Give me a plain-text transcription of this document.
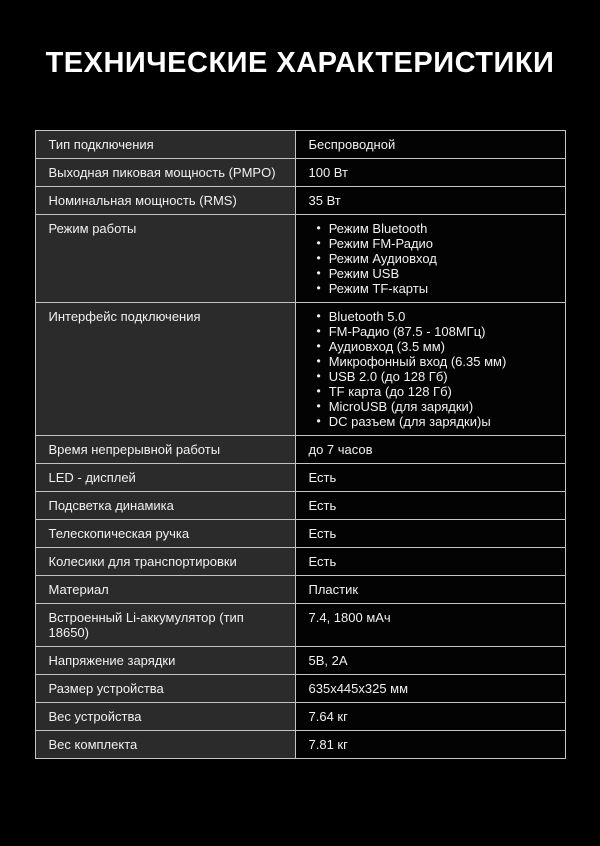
ТЕХНИЧЕСКИЕ ХАРАКТЕРИСТИКИ
Тип подключения	Беспроводной
Выходная пиковая мощность (PMPO)	100 Вт
Номинальная мощность (RMS)	35 Вт
Режим работы	• Режим Bluetooth
• Режим FM-Радио
• Режим Аудиовход
• Режим USB
• Режим TF-карты

Интерфейс подключения	• Bluetooth 5.0
• FM-Радио (87.5 - 108МГц)
• Аудиовход (3.5 мм)
• Микрофонный вход (6.35 мм)
• USB 2.0 (до 128 Гб)
• TF карта (до 128 Гб)
• MicroUSB (для зарядки)
• DC разъем (для зарядки)ы

Время непрерывной работы	до 7 часов
LED - дисплей	Есть
Подсветка динамика	Есть
Телескопическая ручка	Есть
Колесики для транспортировки	Есть
Материал	Пластик
Встроенный Li-аккумулятор (тип 18650)	7.4, 1800 мАч
Напряжение зарядки	5В, 2А
Размер устройства	635х445х325 мм
Вес устройства	7.64 кг
Вес комплекта	7.81 кг
